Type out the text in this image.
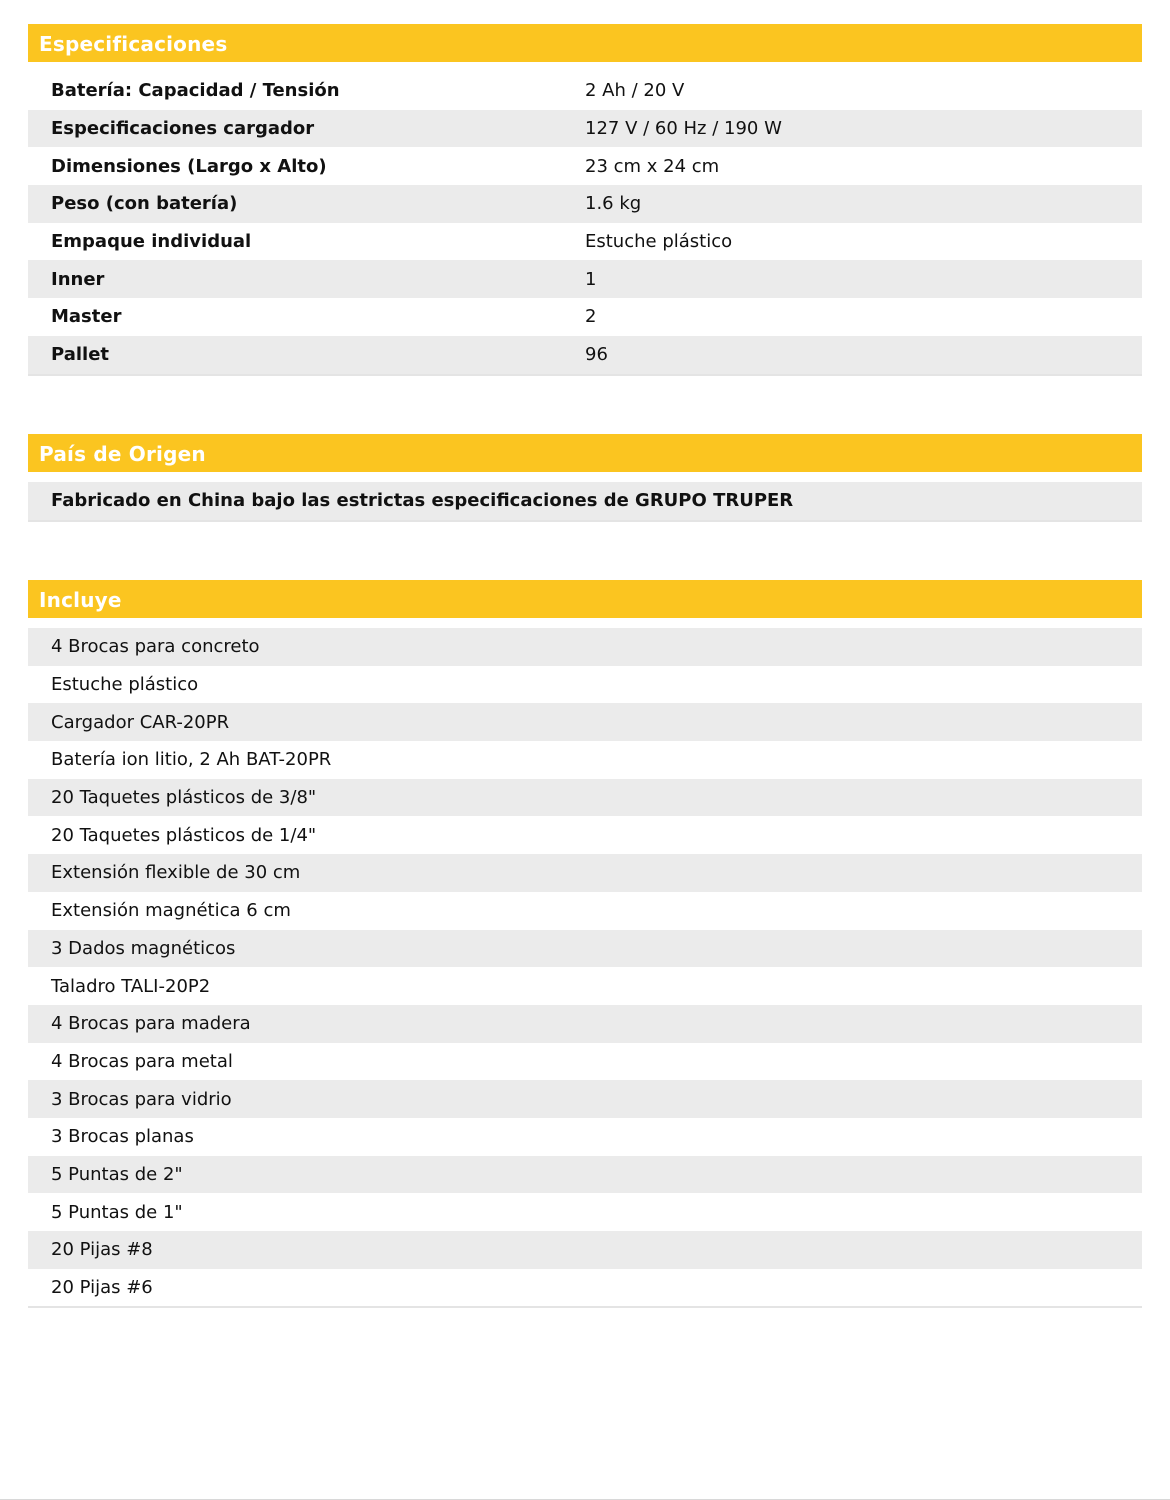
Especificaciones
Batería: Capacidad / Tensión	2 Ah / 20 V
Especificaciones cargador	127 V / 60 Hz / 190 W
Dimensiones (Largo x Alto)	23 cm x 24 cm
Peso (con batería)	1.6 kg
Empaque individual	Estuche plástico
Inner	1
Master	2
Pallet	96
País de Origen
Fabricado en China bajo las estrictas especificaciones de GRUPO TRUPER
Incluye
4 Brocas para concreto
Estuche plástico
Cargador CAR-20PR
Batería ion litio, 2 Ah BAT-20PR
20 Taquetes plásticos de 3/8"
20 Taquetes plásticos de 1/4"
Extensión flexible de 30 cm
Extensión magnética 6 cm
3 Dados magnéticos
Taladro TALI-20P2
4 Brocas para madera
4 Brocas para metal
3 Brocas para vidrio
3 Brocas planas
5 Puntas de 2"
5 Puntas de 1"
20 Pijas #8
20 Pijas #6
